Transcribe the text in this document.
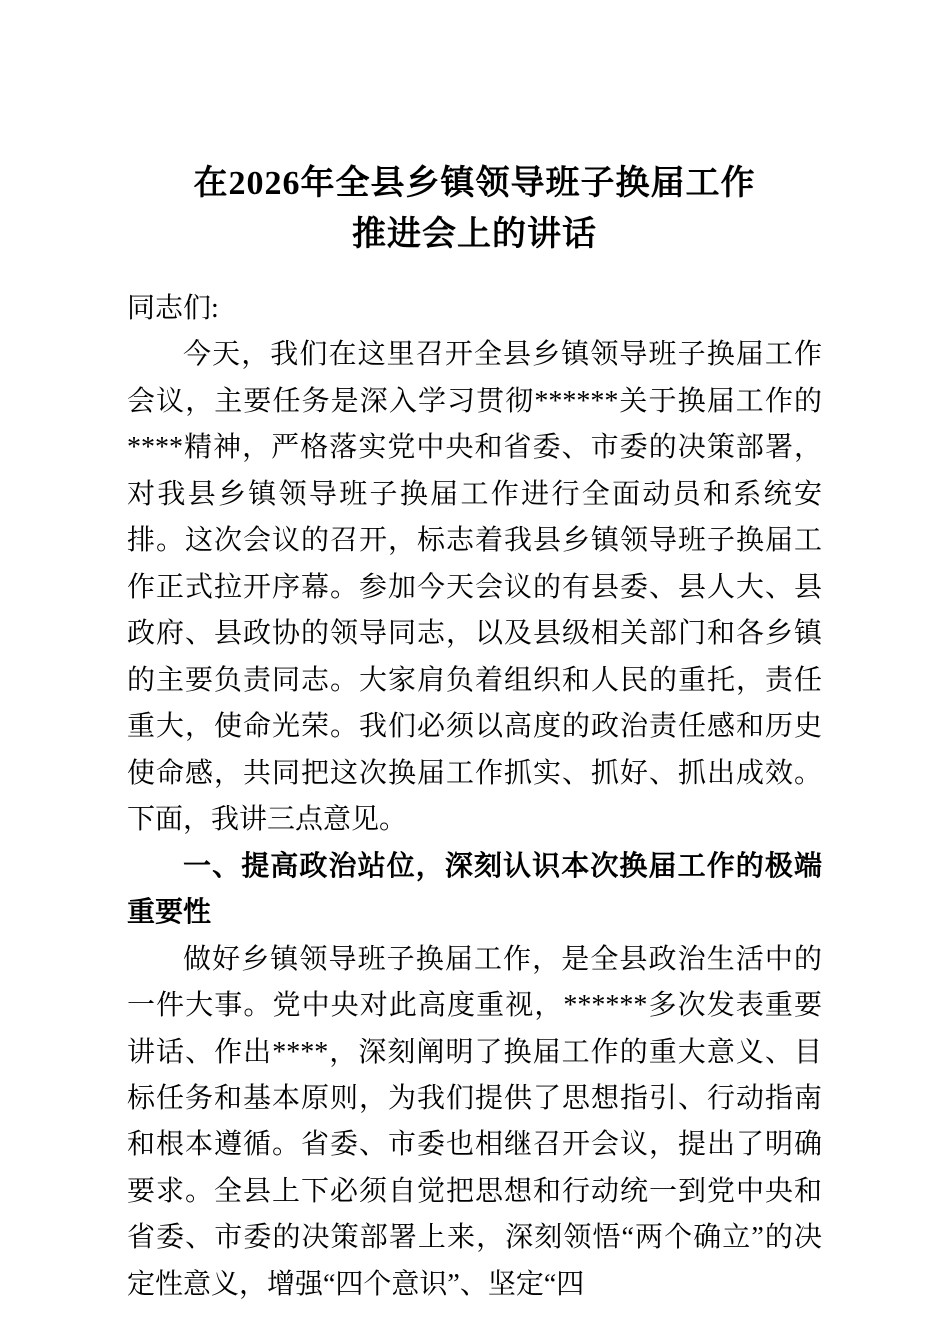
在2026年全县乡镇领导班子换届工作
推进会上的讲话

同志们:

今天，我们在这里召开全县乡镇领导班子换届工作会议，主要任务是深入学习贯彻******关于换届工作的****精神，严格落实党中央和省委、市委的决策部署，对我县乡镇领导班子换届工作进行全面动员和系统安排。这次会议的召开，标志着我县乡镇领导班子换届工作正式拉开序幕。参加今天会议的有县委、县人大、县政府、县政协的领导同志，以及县级相关部门和各乡镇的主要负责同志。大家肩负着组织和人民的重托，责任重大，使命光荣。我们必须以高度的政治责任感和历史使命感，共同把这次换届工作抓实、抓好、抓出成效。下面，我讲三点意见。

一、提高政治站位，深刻认识本次换届工作的极端重要性

做好乡镇领导班子换届工作，是全县政治生活中的一件大事。党中央对此高度重视，******多次发表重要讲话、作出****，深刻阐明了换届工作的重大意义、目标任务和基本原则，为我们提供了思想指引、行动指南和根本遵循。省委、市委也相继召开会议，提出了明确要求。全县上下必须自觉把思想和行动统一到党中央和省委、市委的决策部署上来，深刻领悟“两个确立”的决定性意义，增强“四个意识”、坚定“四
